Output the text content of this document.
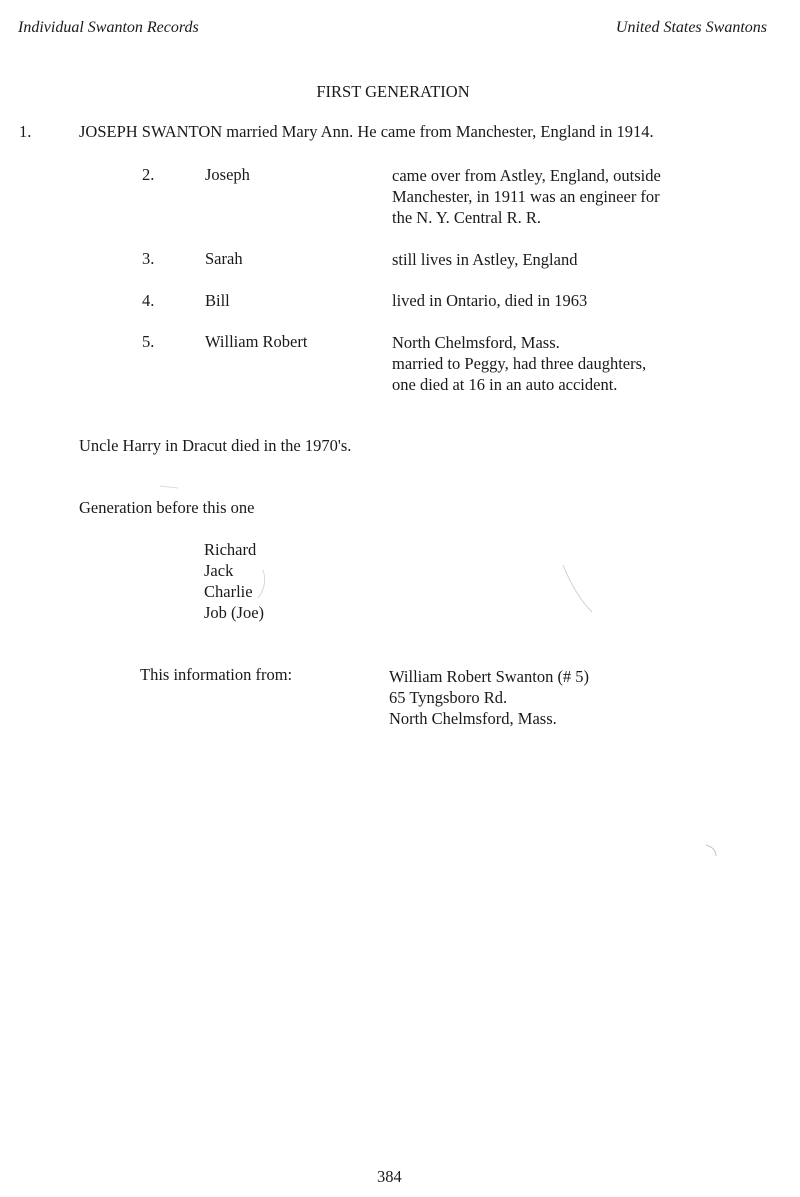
Individual Swanton Records	United States Swantons
FIRST GENERATION
1.	JOSEPH SWANTON married Mary Ann. He came from Manchester, England in 1914.
2.	Joseph	came over from Astley, England, outside
Manchester, in 1911 was an engineer for
the N. Y. Central R. R.
3.	Sarah	still lives in Astley, England
4.	Bill	lived in Ontario, died in 1963
5.	William Robert	North Chelmsford, Mass.
married to Peggy, had three daughters,
one died at 16 in an auto accident.
Uncle Harry in Dracut died in the 1970's.
Generation before this one
Richard
Jack
Charlie
Job (Joe)
This information from:	William Robert Swanton (# 5)
65 Tyngsboro Rd.
North Chelmsford, Mass.
384
